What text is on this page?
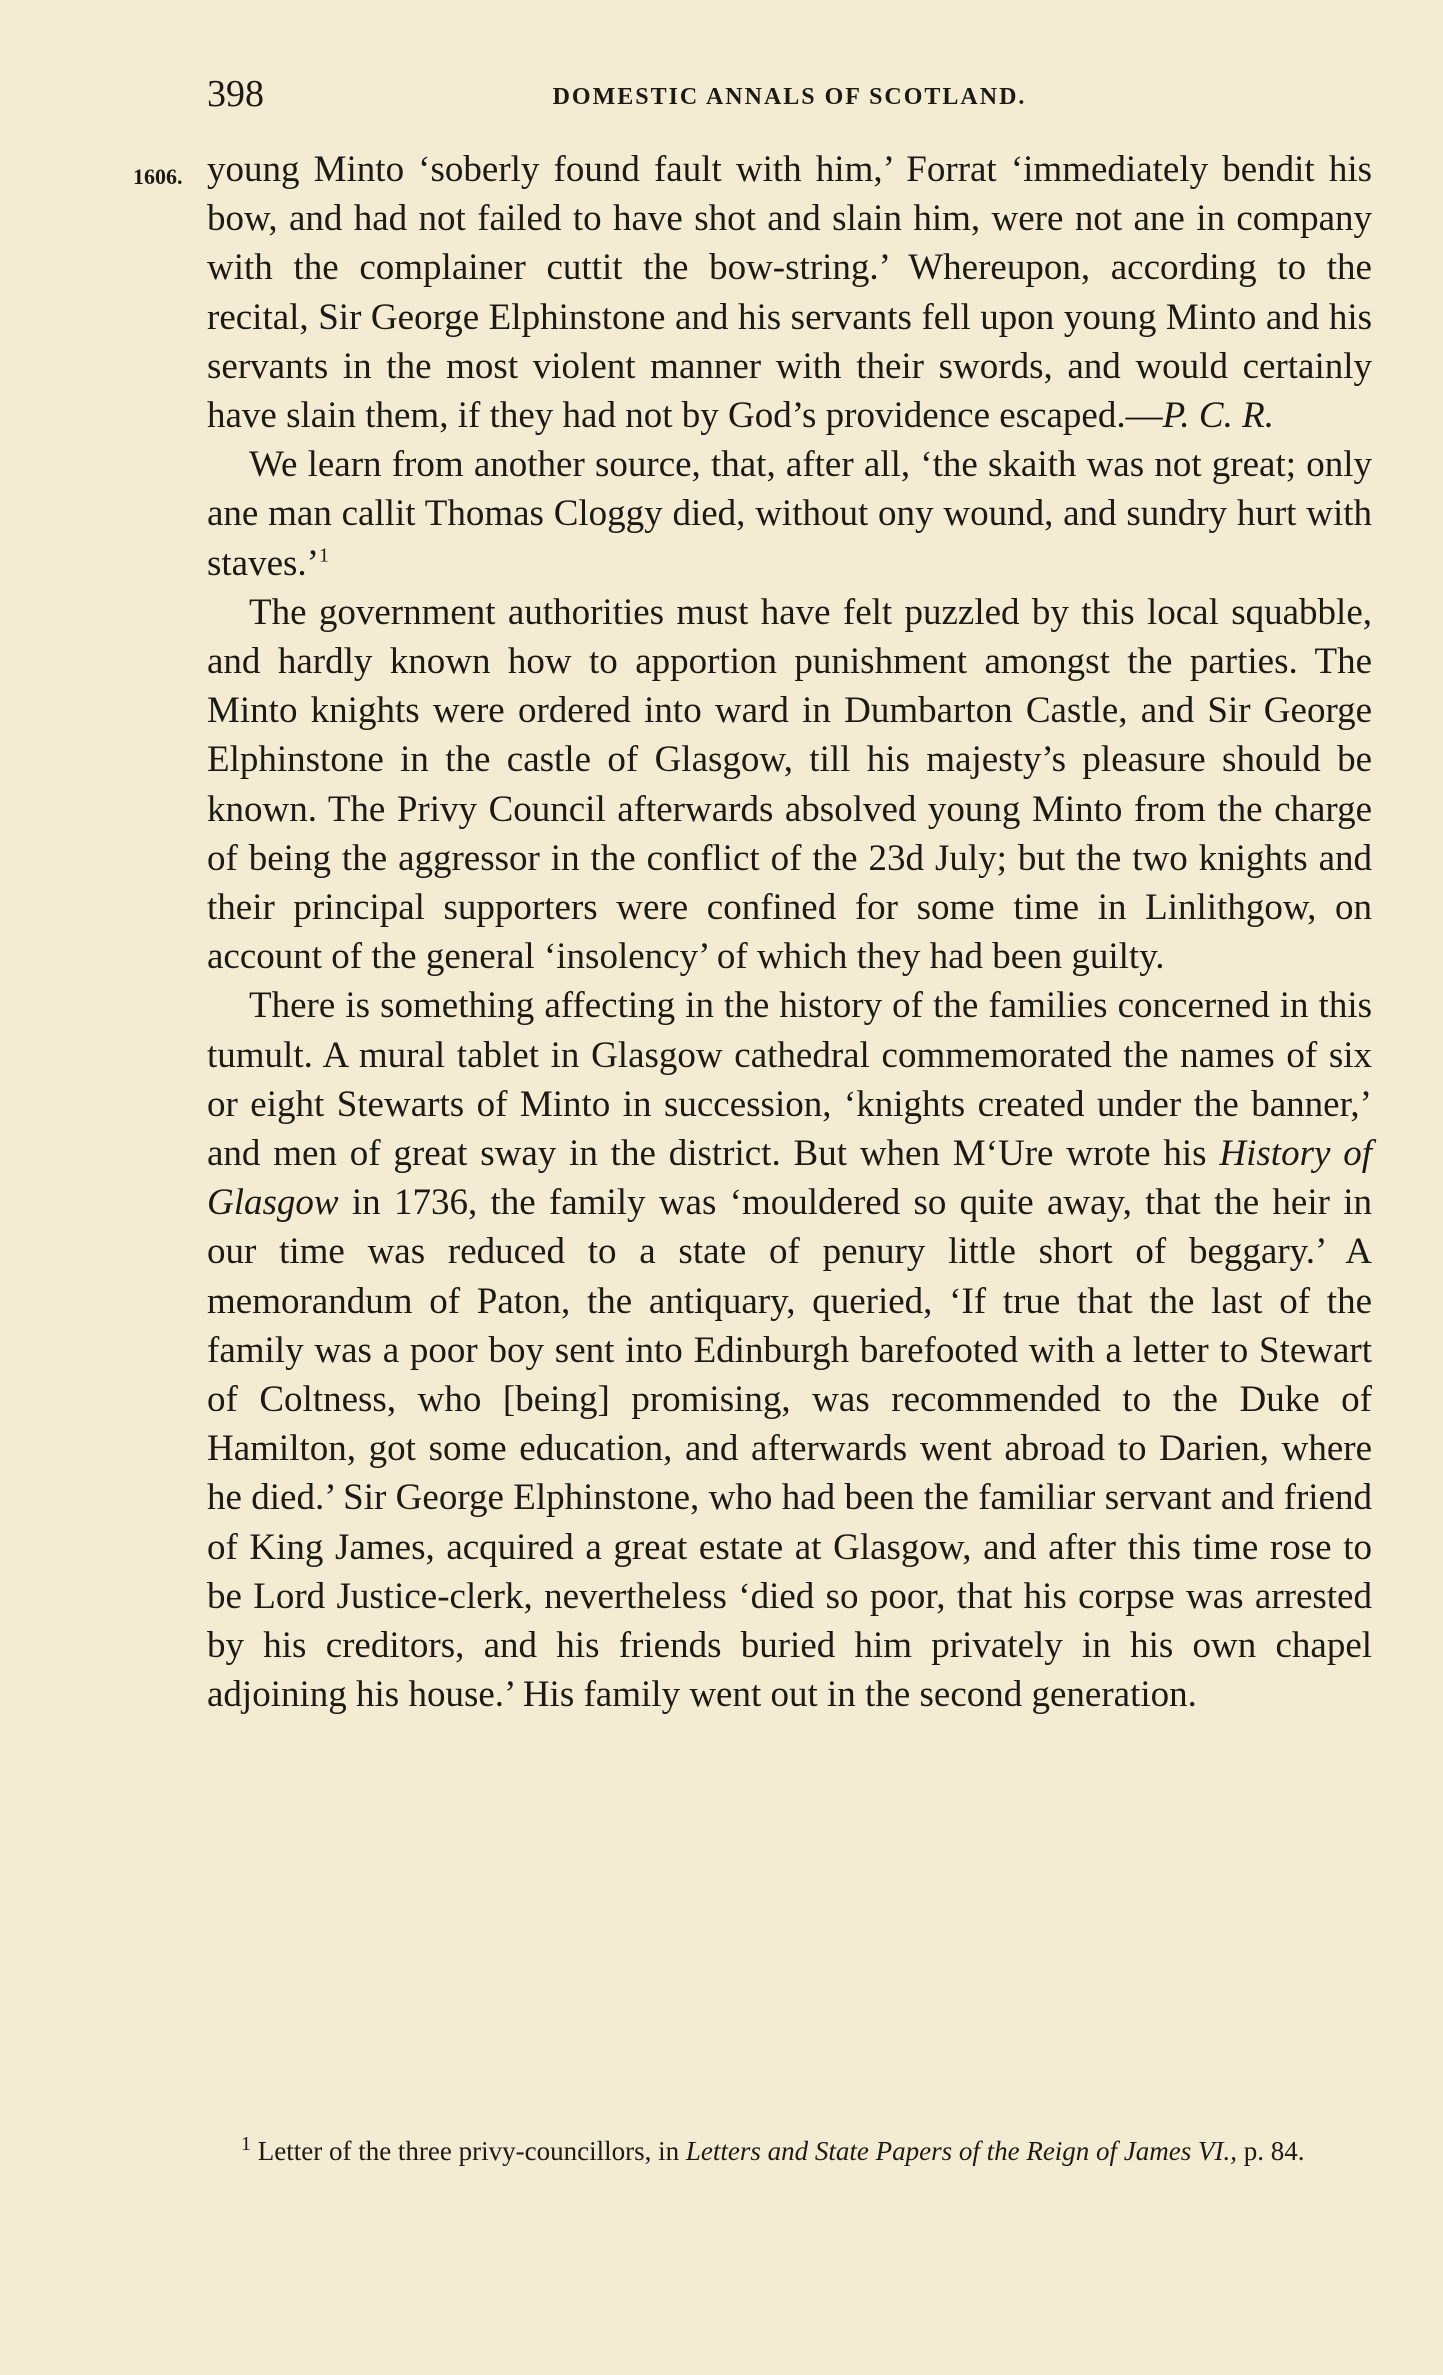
398	DOMESTIC ANNALS OF SCOTLAND.
1606. young Minto ‘soberly found fault with him,’ Forrat ‘immediately bendit his bow, and had not failed to have shot and slain him, were not ane in company with the complainer cuttit the bow-string.’ Whereupon, according to the recital, Sir George Elphinstone and his servants fell upon young Minto and his servants in the most violent manner with their swords, and would certainly have slain them, if they had not by God’s providence escaped.—P. C. R.

We learn from another source, that, after all, ‘the skaith was not great; only ane man callit Thomas Cloggy died, without ony wound, and sundry hurt with staves.’$^1$

The government authorities must have felt puzzled by this local squabble, and hardly known how to apportion punishment amongst the parties. The Minto knights were ordered into ward in Dumbarton Castle, and Sir George Elphinstone in the castle of Glasgow, till his majesty’s pleasure should be known. The Privy Council afterwards absolved young Minto from the charge of being the aggressor in the conflict of the 23d July; but the two knights and their principal supporters were confined for some time in Linlithgow, on account of the general ‘insolency’ of which they had been guilty.

There is something affecting in the history of the families concerned in this tumult. A mural tablet in Glasgow cathedral commemorated the names of six or eight Stewarts of Minto in succession, ‘knights created under the banner,’ and men of great sway in the district. But when M‘Ure wrote his History of Glasgow in 1736, the family was ‘mouldered so quite away, that the heir in our time was reduced to a state of penury little short of beggary.’ A memorandum of Paton, the antiquary, queried, ‘If true that the last of the family was a poor boy sent into Edinburgh barefooted with a letter to Stewart of Coltness, who [being] promising, was recommended to the Duke of Hamilton, got some education, and afterwards went abroad to Darien, where he died.’ Sir George Elphinstone, who had been the familiar servant and friend of King James, acquired a great estate at Glasgow, and after this time rose to be Lord Justice-clerk, nevertheless ‘died so poor, that his corpse was arrested by his creditors, and his friends buried him privately in his own chapel adjoining his house.’ His family went out in the second generation.

$^1$ Letter of the three privy-councillors, in Letters and State Papers of the Reign of James VI., p. 84.
